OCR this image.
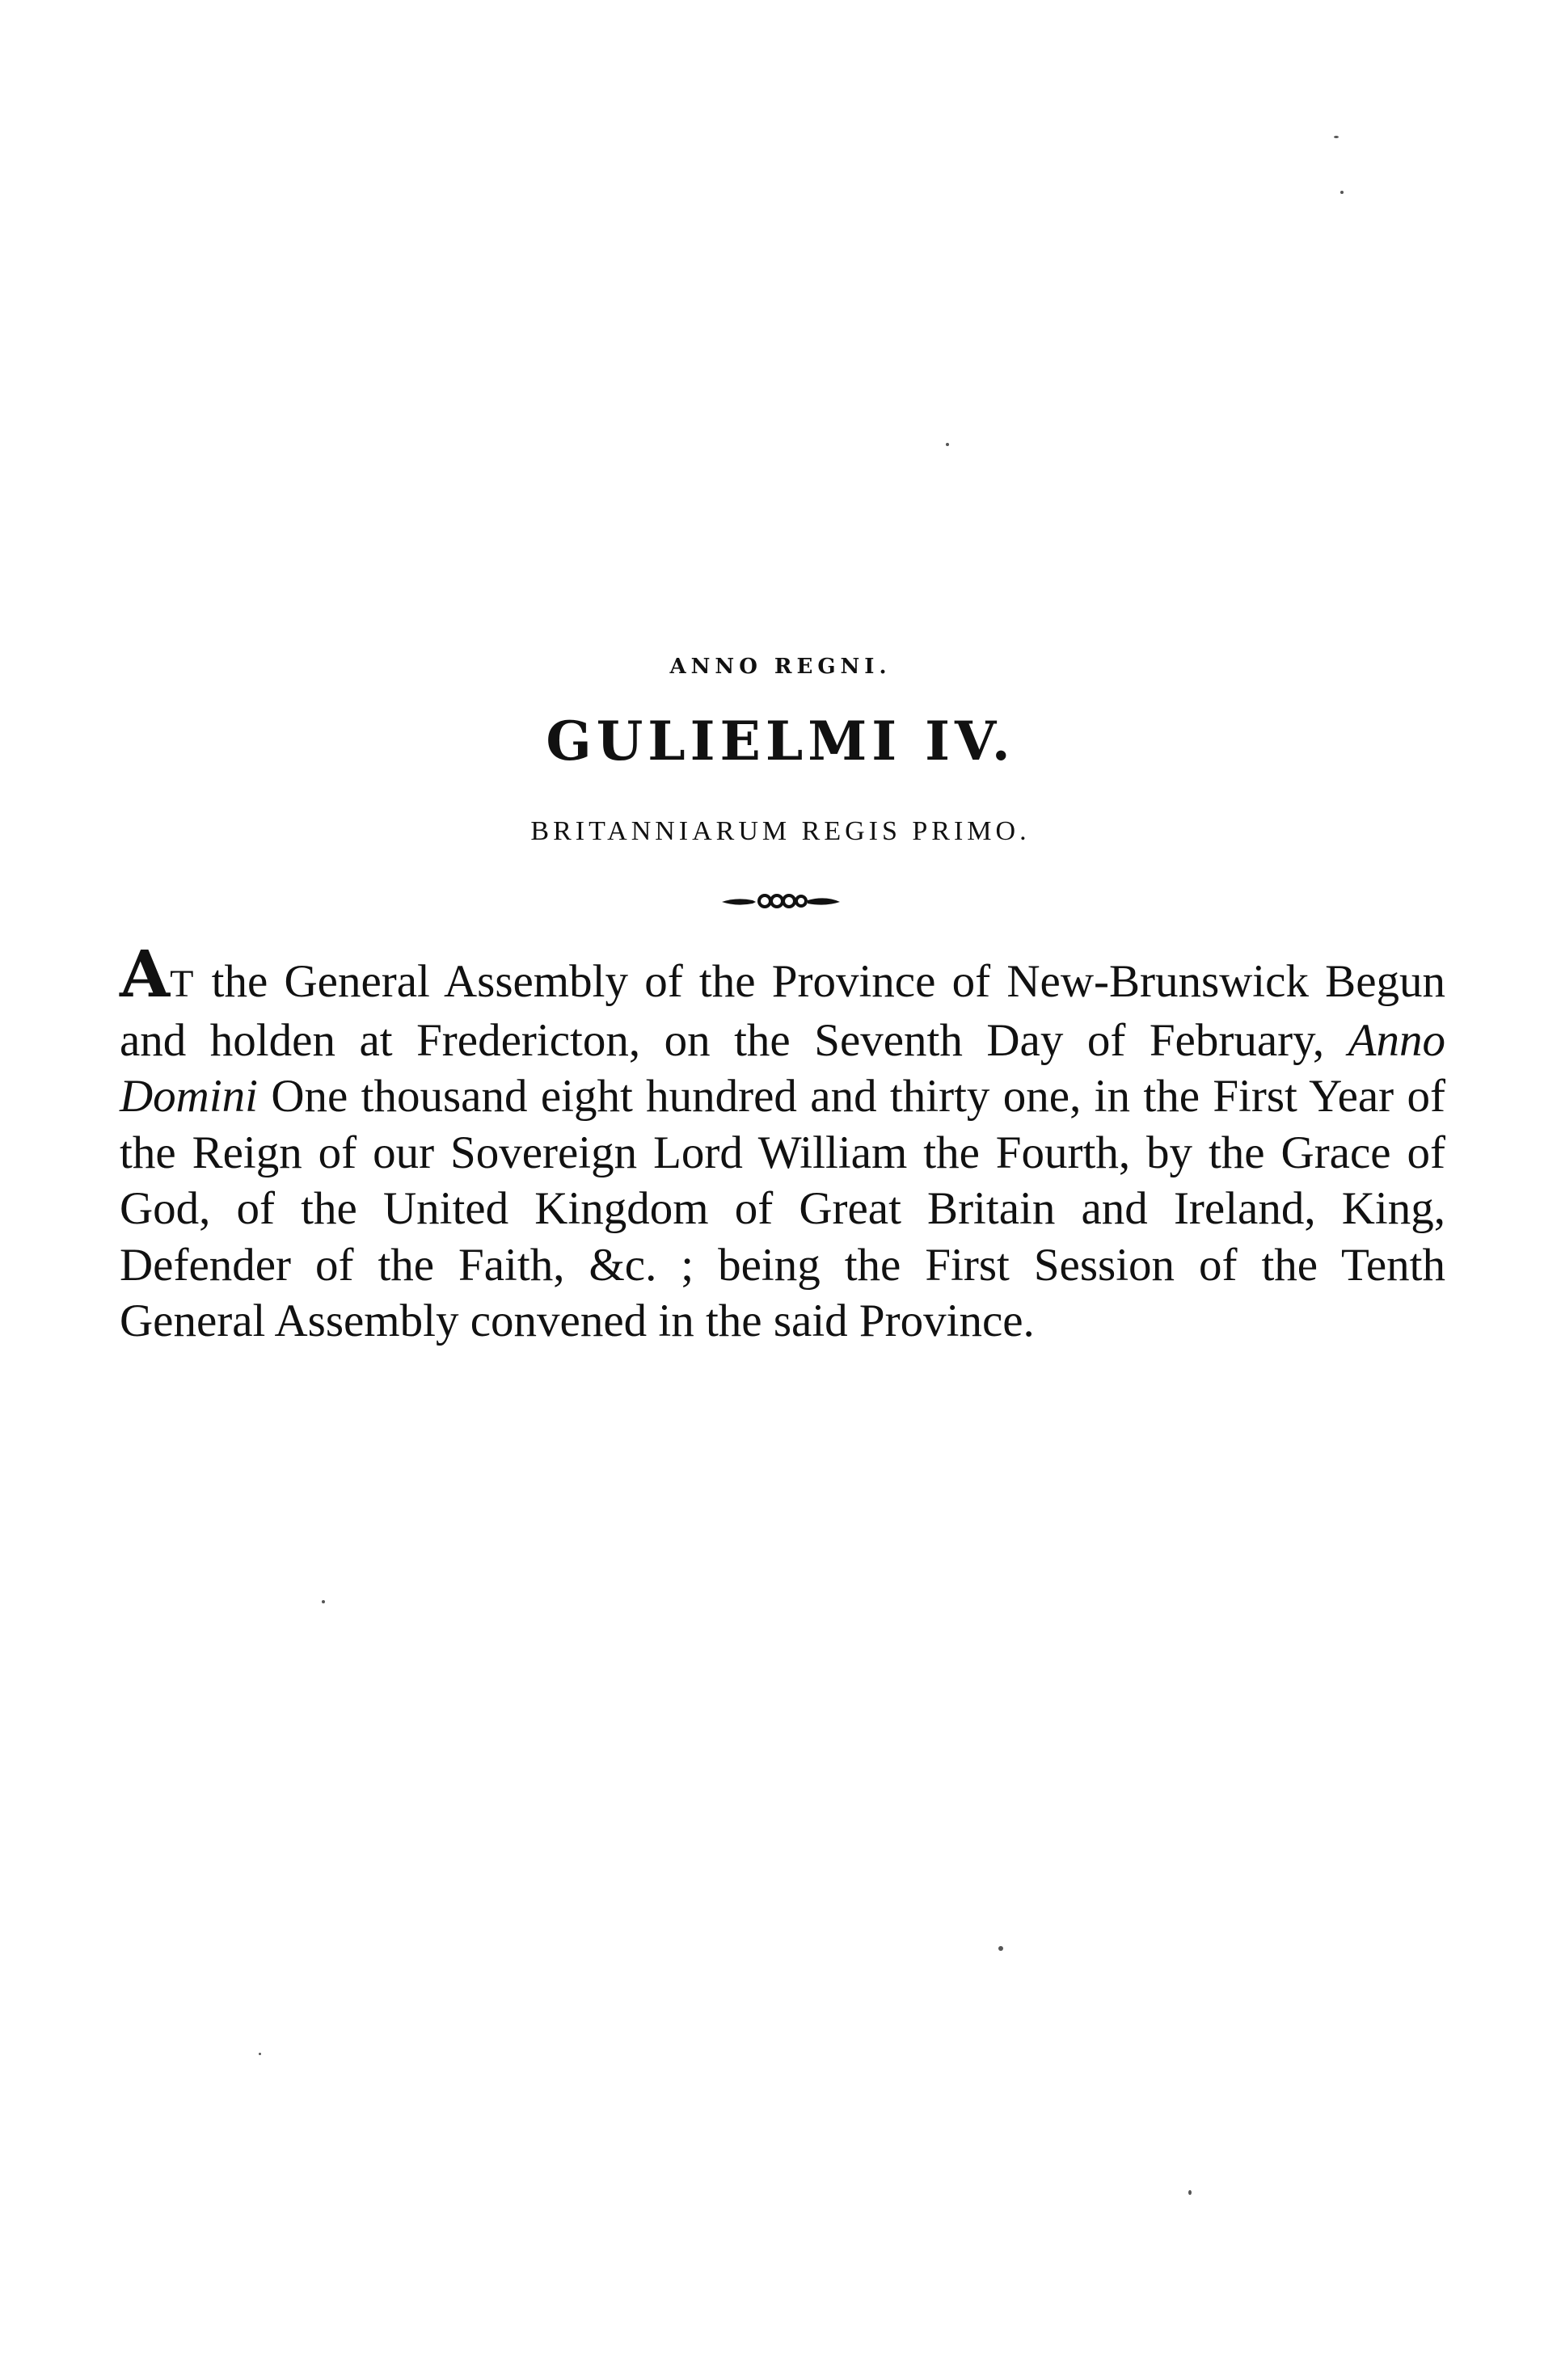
ANNO REGNI.
GULIELMI IV.
BRITANNIARUM REGIS PRIMO.
AT the General Assembly of the Province of New-Brunswick Begun and holden at Fredericton, on the Seventh Day of February, Anno Domini One thousand eight hundred and thirty one, in the First Year of the Reign of our Sovereign Lord William the Fourth, by the Grace of God, of the United Kingdom of Great Britain and Ireland, King, Defender of the Faith, &c. ; being the First Session of the Tenth General Assembly convened in the said Province.
